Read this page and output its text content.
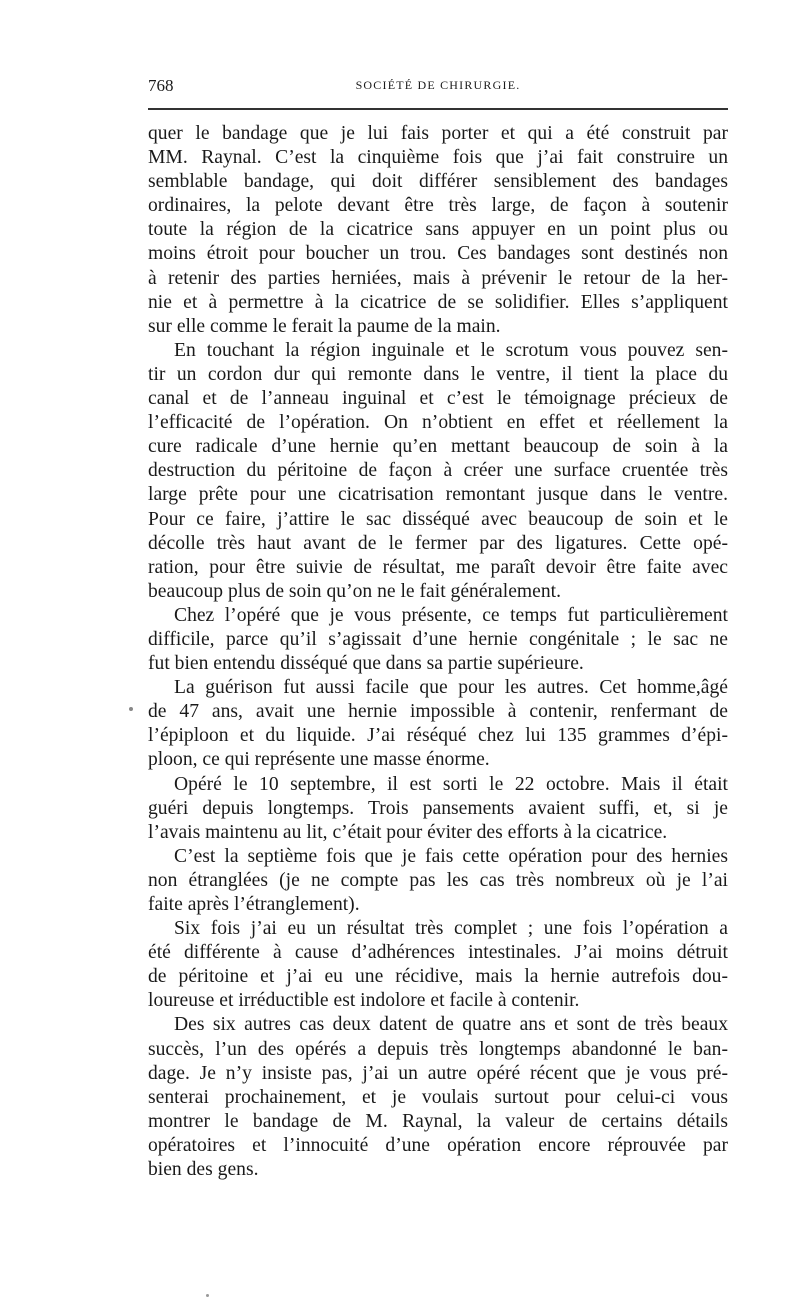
768	SOCIÉTÉ DE CHIRURGIE.
quer le bandage que je lui fais porter et qui a été construit par
MM. Raynal. C’est la cinquième fois que j’ai fait construire un
semblable bandage, qui doit différer sensiblement des bandages
ordinaires, la pelote devant être très large, de façon à soutenir
toute la région de la cicatrice sans appuyer en un point plus ou
moins étroit pour boucher un trou. Ces bandages sont destinés non
à retenir des parties herniées, mais à prévenir le retour de la her-
nie et à permettre à la cicatrice de se solidifier. Elles s’appliquent
sur elle comme le ferait la paume de la main.
En touchant la région inguinale et le scrotum vous pouvez sen-
tir un cordon dur qui remonte dans le ventre, il tient la place du
canal et de l’anneau inguinal et c’est le témoignage précieux de
l’efficacité de l’opération. On n’obtient en effet et réellement la
cure radicale d’une hernie qu’en mettant beaucoup de soin à la
destruction du péritoine de façon à créer une surface cruentée très
large prête pour une cicatrisation remontant jusque dans le ventre.
Pour ce faire, j’attire le sac disséqué avec beaucoup de soin et le
décolle très haut avant de le fermer par des ligatures. Cette opé-
ration, pour être suivie de résultat, me paraît devoir être faite avec
beaucoup plus de soin qu’on ne le fait généralement.
Chez l’opéré que je vous présente, ce temps fut particulièrement
difficile, parce qu’il s’agissait d’une hernie congénitale ; le sac ne
fut bien entendu disséqué que dans sa partie supérieure.
La guérison fut aussi facile que pour les autres. Cet homme,âgé
de 47 ans, avait une hernie impossible à contenir, renfermant de
l’épiploon et du liquide. J’ai réséqué chez lui 135 grammes d’épi-
ploon, ce qui représente une masse énorme.
Opéré le 10 septembre, il est sorti le 22 octobre. Mais il était
guéri depuis longtemps. Trois pansements avaient suffi, et, si je
l’avais maintenu au lit, c’était pour éviter des efforts à la cicatrice.
C’est la septième fois que je fais cette opération pour des hernies
non étranglées (je ne compte pas les cas très nombreux où je l’ai
faite après l’étranglement).
Six fois j’ai eu un résultat très complet ; une fois l’opération a
été différente à cause d’adhérences intestinales. J’ai moins détruit
de péritoine et j’ai eu une récidive, mais la hernie autrefois dou-
loureuse et irréductible est indolore et facile à contenir.
Des six autres cas deux datent de quatre ans et sont de très beaux
succès, l’un des opérés a depuis très longtemps abandonné le ban-
dage. Je n’y insiste pas, j’ai un autre opéré récent que je vous pré-
senterai prochainement, et je voulais surtout pour celui-ci vous
montrer le bandage de M. Raynal, la valeur de certains détails
opératoires et l’innocuité d’une opération encore réprouvée par
bien des gens.
